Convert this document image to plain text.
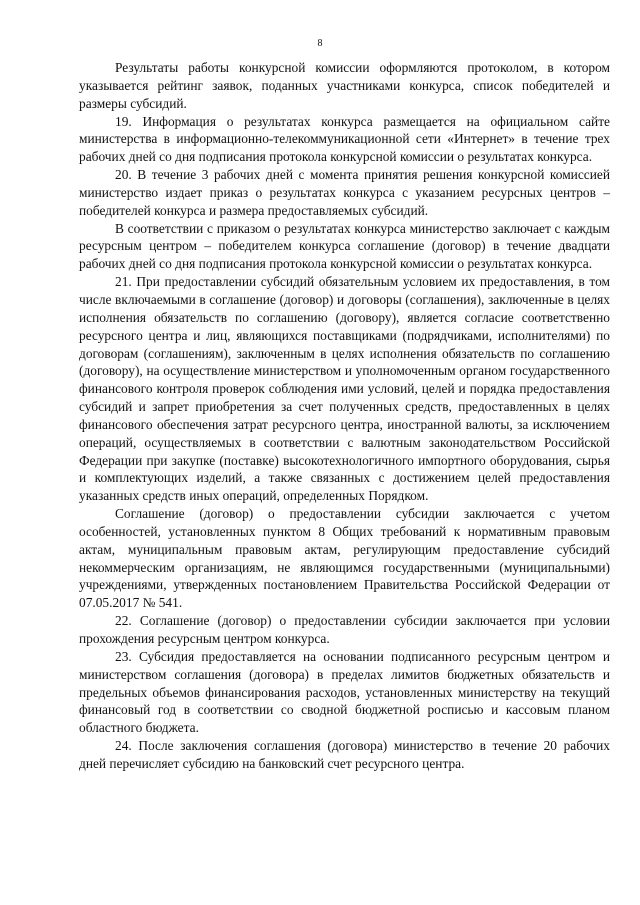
8

Результаты работы конкурсной комиссии оформляются протоколом, в котором указывается рейтинг заявок, поданных участниками конкурса, список победителей и размеры субсидий.

19. Информация о результатах конкурса размещается на официальном сайте министерства в информационно-телекоммуникационной сети «Интернет» в течение трех рабочих дней со дня подписания протокола конкурсной комиссии о результатах конкурса.

20. В течение 3 рабочих дней с момента принятия решения конкурсной комиссией министерство издает приказ о результатах конкурса с указанием ресурсных центров – победителей конкурса и размера предоставляемых субсидий.

В соответствии с приказом о результатах конкурса министерство заключает с каждым ресурсным центром – победителем конкурса соглашение (договор) в течение двадцати рабочих дней со дня подписания протокола конкурсной комиссии о результатах конкурса.

21. При предоставлении субсидий обязательным условием их предоставления, в том числе включаемыми в соглашение (договор) и договоры (соглашения), заключенные в целях исполнения обязательств по соглашению (договору), является согласие соответственно ресурсного центра и лиц, являющихся поставщиками (подрядчиками, исполнителями) по договорам (соглашениям), заключенным в целях исполнения обязательств по соглашению (договору), на осуществление министерством и уполномоченным органом государственного финансового контроля проверок соблюдения ими условий, целей и порядка предоставления субсидий и запрет приобретения за счет полученных средств, предоставленных в целях финансового обеспечения затрат ресурсного центра, иностранной валюты, за исключением операций, осуществляемых в соответствии с валютным законодательством Российской Федерации при закупке (поставке) высокотехнологичного импортного оборудования, сырья и комплектующих изделий, а также связанных с достижением целей предоставления указанных средств иных операций, определенных Порядком.

Соглашение (договор) о предоставлении субсидии заключается с учетом особенностей, установленных пунктом 8 Общих требований к нормативным правовым актам, муниципальным правовым актам, регулирующим предоставление субсидий некоммерческим организациям, не являющимся государственными (муниципальными) учреждениями, утвержденных постановлением Правительства Российской Федерации от 07.05.2017 № 541.

22. Соглашение (договор) о предоставлении субсидии заключается при условии прохождения ресурсным центром конкурса.

23. Субсидия предоставляется на основании подписанного ресурсным центром и министерством соглашения (договора) в пределах лимитов бюджетных обязательств и предельных объемов финансирования расходов, установленных министерству на текущий финансовый год в соответствии со сводной бюджетной росписью и кассовым планом областного бюджета.

24. После заключения соглашения (договора) министерство в течение 20 рабочих дней перечисляет субсидию на банковский счет ресурсного центра.
